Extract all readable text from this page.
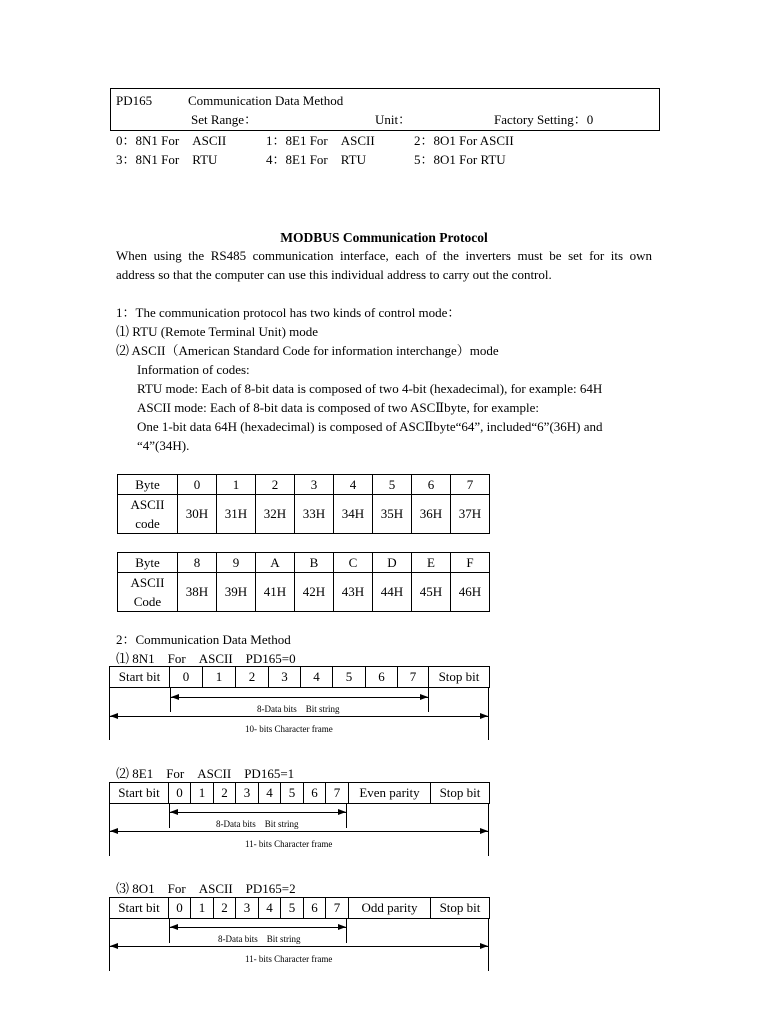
PD165	Communication Data Method
Set Range：	Unit：	Factory Setting：0
0：8N1 For　ASCII	1：8E1 For　ASCII	2：8O1 For ASCII
3：8N1 For　RTU	4：8E1 For　RTU	5：8O1 For RTU
MODBUS Communication Protocol
When using the RS485 communication interface, each of the inverters must be set for its own
address so that the computer can use this individual address to carry out the control.
1：The communication protocol has two kinds of control mode：
⑴ RTU (Remote Terminal Unit) mode
⑵ ASCII（American Standard Code for information interchange）mode
Information of codes:
RTU mode: Each of 8-bit data is composed of two 4-bit (hexadecimal), for example: 64H
ASCII mode: Each of 8-bit data is composed of two ASCⅡbyte, for example:
One 1-bit data 64H (hexadecimal) is composed of ASCⅡbyte“64”, included“6”(36H) and
“4”(34H).
Byte	0	1	2	3	4	5	6	7

ASCII
code	30H	31H	32H	33H	34H	35H	36H	37H
Byte	8	9	A	B	C	D	E	F

ASCII
Code	38H	39H	41H	42H	43H	44H	45H	46H
2：Communication Data Method
⑴ 8N1　For　ASCII　PD165=0
Start bit	0	1	2	3	4	5	6	7	Stop bit
8-Data bits　Bit string
10- bits Character frame
⑵ 8E1　For　ASCII　PD165=1
Start bit	0	1	2	3	4	5	6	7	Even parity	Stop bit
8-Data bits　Bit string
11- bits Character frame
⑶ 8O1　For　ASCII　PD165=2
Start bit	0	1	2	3	4	5	6	7	Odd parity	Stop bit
8-Data bits　Bit string
11- bits Character frame
